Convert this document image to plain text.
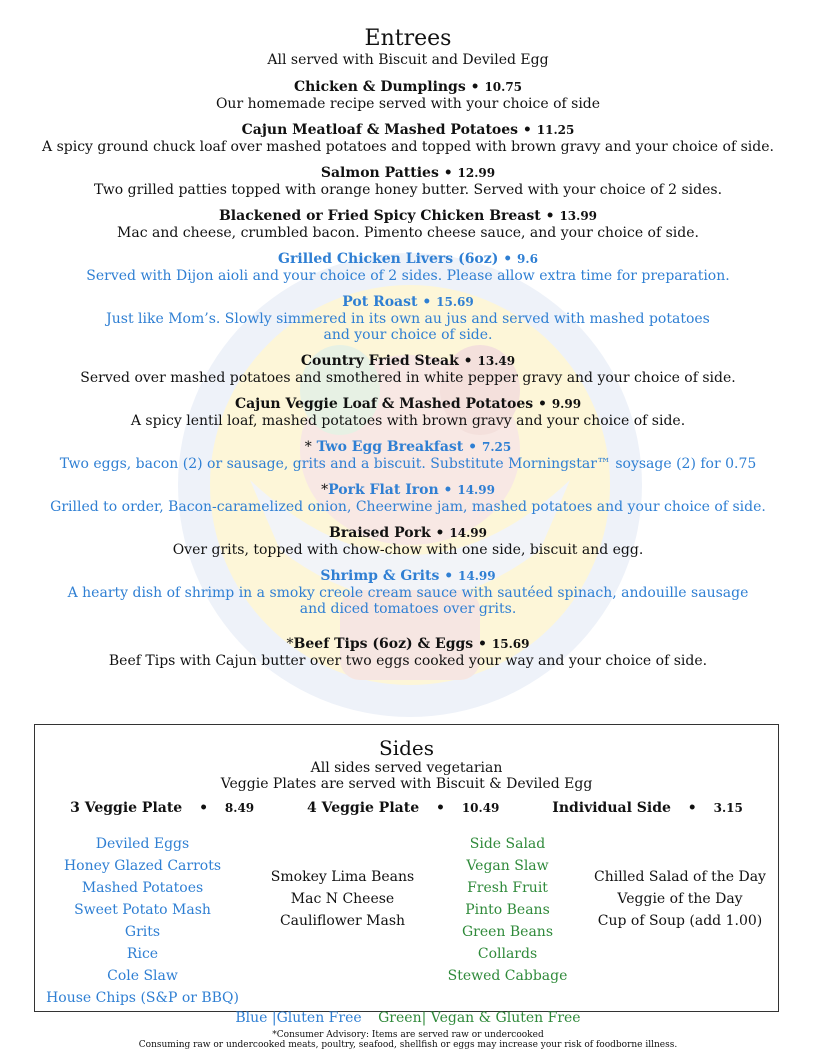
Entrees
All served with Biscuit and Deviled Egg
Chicken & Dumplings • 10.75
Our homemade recipe served with your choice of side
Cajun Meatloaf & Mashed Potatoes • 11.25
A spicy ground chuck loaf over mashed potatoes and topped with brown gravy and your choice of side.
Salmon Patties • 12.99
Two grilled patties topped with orange honey butter. Served with your choice of 2 sides.
Blackened or Fried Spicy Chicken Breast • 13.99
Mac and cheese, crumbled bacon. Pimento cheese sauce, and your choice of side.
Grilled Chicken Livers (6oz) • 9.6
Served with Dijon aioli and your choice of 2 sides. Please allow extra time for preparation.
Pot Roast • 15.69
Just like Mom’s. Slowly simmered in its own au jus and served with mashed potatoes
and your choice of side.
Country Fried Steak • 13.49
Served over mashed potatoes and smothered in white pepper gravy and your choice of side.
Cajun Veggie Loaf & Mashed Potatoes • 9.99
A spicy lentil loaf, mashed potatoes with brown gravy and your choice of side.
* Two Egg Breakfast • 7.25
Two eggs, bacon (2) or sausage, grits and a biscuit. Substitute Morningstar™ soysage (2) for 0.75
*Pork Flat Iron • 14.99
Grilled to order, Bacon-caramelized onion, Cheerwine jam, mashed potatoes and your choice of side.
Braised Pork • 14.99
Over grits, topped with chow-chow with one side, biscuit and egg.
Shrimp & Grits • 14.99
A hearty dish of shrimp in a smoky creole cream sauce with sautéed spinach, andouille sausage
and diced tomatoes over grits.
*Beef Tips (6oz) & Eggs • 15.69
Beef Tips with Cajun butter over two eggs cooked your way and your choice of side.
Sides
All sides served vegetarian
Veggie Plates are served with Biscuit & Deviled Egg
3 Veggie Plate • 8.49	4 Veggie Plate • 10.49	Individual Side • 3.15
Deviled Eggs
Honey Glazed Carrots
Mashed Potatoes
Sweet Potato Mash
Grits
Rice
Cole Slaw
House Chips (S&P or BBQ)
Smokey Lima Beans
Mac N Cheese
Cauliflower Mash
Side Salad
Vegan Slaw
Fresh Fruit
Pinto Beans
Green Beans
Collards
Stewed Cabbage
Chilled Salad of the Day
Veggie of the Day
Cup of Soup (add 1.00)
Blue |Gluten Free Green| Vegan & Gluten Free
*Consumer Advisory: Items are served raw or undercooked
Consuming raw or undercooked meats, poultry, seafood, shellfish or eggs may increase your risk of foodborne illness.
